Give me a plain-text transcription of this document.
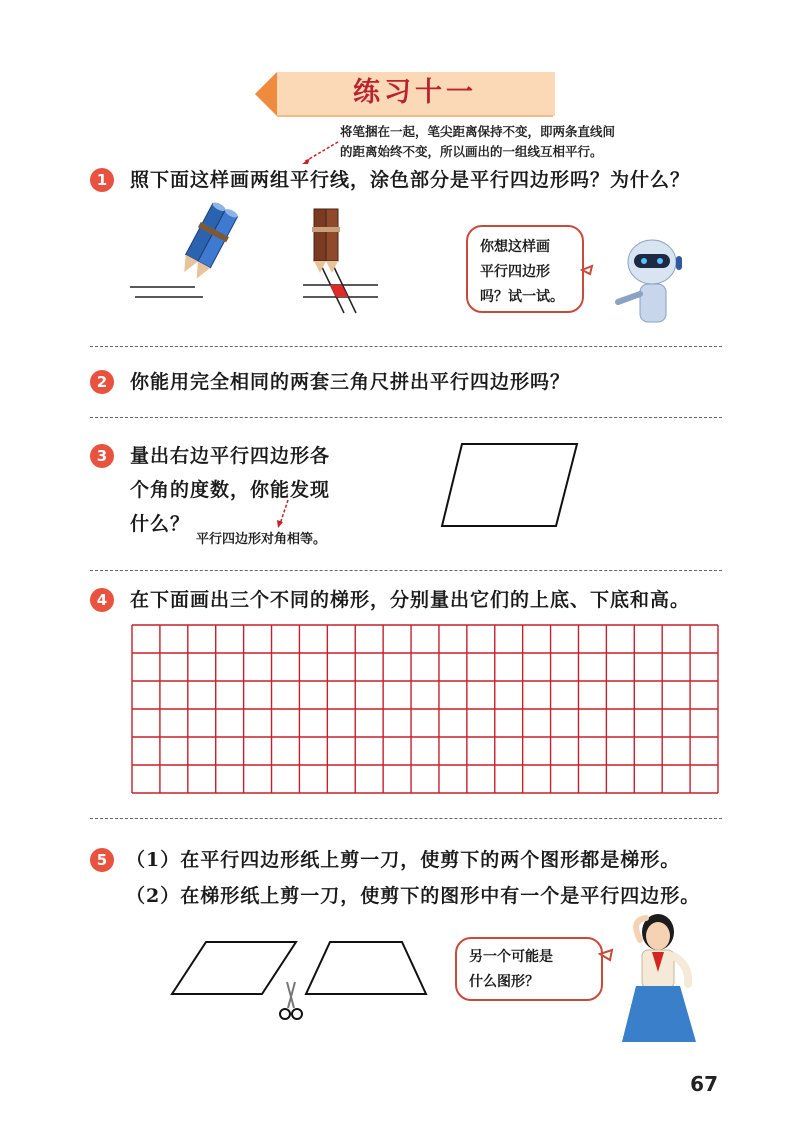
练习十一
将笔捆在一起，笔尖距离保持不变，即两条直线间
的距离始终不变，所以画出的一组线互相平行。
1	照下面这样画两组平行线，涂色部分是平行四边形吗？为什么？
你想这样画
平行四边形
吗？试一试。
2	你能用完全相同的两套三角尺拼出平行四边形吗？
3	量出右边平行四边形各
个角的度数，你能发现
什么？
平行四边形对角相等。
4	在下面画出三个不同的梯形，分别量出它们的上底、下底和高。
5 （1）在平行四边形纸上剪一刀，使剪下的两个图形都是梯形。
（2）在梯形纸上剪一刀，使剪下的图形中有一个是平行四边形。
另一个可能是
什么图形？
67
